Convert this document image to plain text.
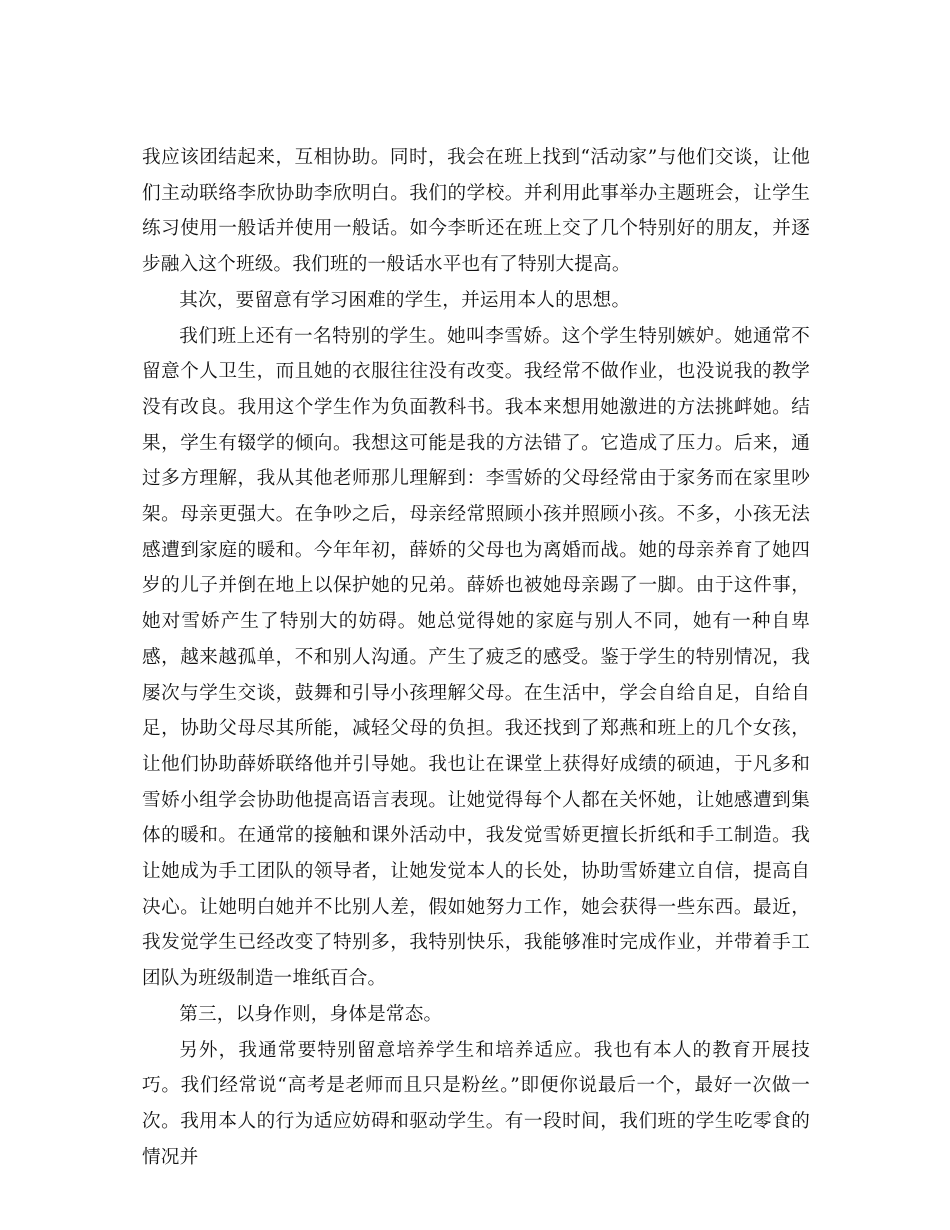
我应该团结起来，互相协助。同时，我会在班上找到“活动家”与他们交谈，让他们主动联络李欣协助李欣明白。我们的学校。并利用此事举办主题班会，让学生练习使用一般话并使用一般话。如今李昕还在班上交了几个特别好的朋友，并逐步融入这个班级。我们班的一般话水平也有了特别大提高。

其次，要留意有学习困难的学生，并运用本人的思想。

我们班上还有一名特别的学生。她叫李雪娇。这个学生特别嫉妒。她通常不留意个人卫生，而且她的衣服往往没有改变。我经常不做作业，也没说我的教学没有改良。我用这个学生作为负面教科书。我本来想用她激进的方法挑衅她。结果，学生有辍学的倾向。我想这可能是我的方法错了。它造成了压力。后来，通过多方理解，我从其他老师那儿理解到：李雪娇的父母经常由于家务而在家里吵架。母亲更强大。在争吵之后，母亲经常照顾小孩并照顾小孩。不多，小孩无法感遭到家庭的暖和。今年年初，薛娇的父母也为离婚而战。她的母亲养育了她四岁的儿子并倒在地上以保护她的兄弟。薛娇也被她母亲踢了一脚。由于这件事，她对雪娇产生了特别大的妨碍。她总觉得她的家庭与别人不同，她有一种自卑感，越来越孤单，不和别人沟通。产生了疲乏的感受。鉴于学生的特别情况，我屡次与学生交谈，鼓舞和引导小孩理解父母。在生活中，学会自给自足，自给自足，协助父母尽其所能，减轻父母的负担。我还找到了郑燕和班上的几个女孩，让他们协助薛娇联络他并引导她。我也让在课堂上获得好成绩的硕迪，于凡多和雪娇小组学会协助他提高语言表现。让她觉得每个人都在关怀她，让她感遭到集体的暖和。在通常的接触和课外活动中，我发觉雪娇更擅长折纸和手工制造。我让她成为手工团队的领导者，让她发觉本人的长处，协助雪娇建立自信，提高自决心。让她明白她并不比别人差，假如她努力工作，她会获得一些东西。最近，我发觉学生已经改变了特别多，我特别快乐，我能够准时完成作业，并带着手工团队为班级制造一堆纸百合。

第三，以身作则，身体是常态。

另外，我通常要特别留意培养学生和培养适应。我也有本人的教育开展技巧。我们经常说“高考是老师而且只是粉丝。”即便你说最后一个，最好一次做一次。我用本人的行为适应妨碍和驱动学生。有一段时间，我们班的学生吃零食的情况并
